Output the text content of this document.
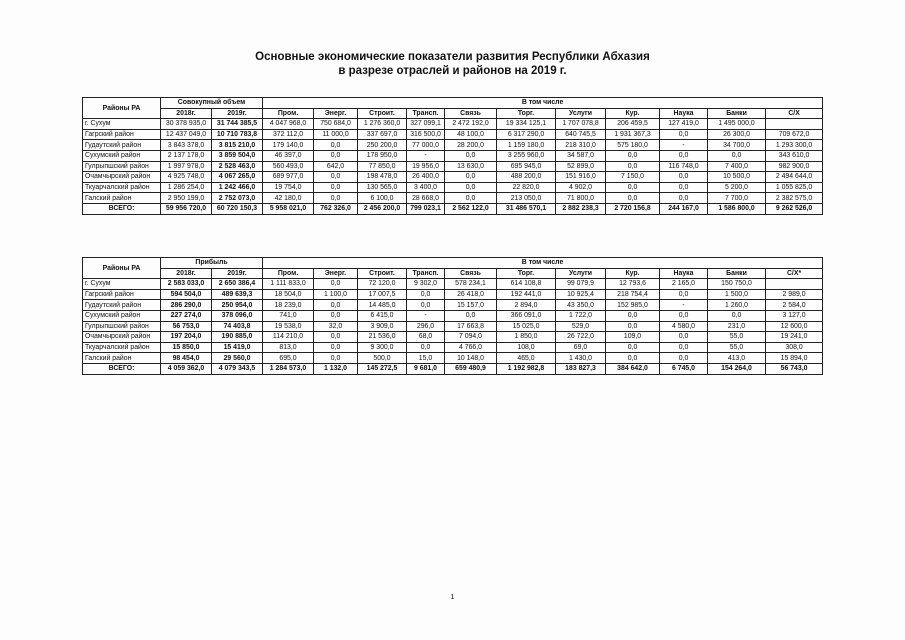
Основные экономические показатели развития Республики Абхазия
в разрезе отраслей и районов на 2019 г.
Районы РА	Совокупный объем		В том числе										
	2018г.	2019г.	Пром.	Энерг.	Строит.	Трансп.	Связь	Торг.	Услуги	Кур.	Наука	Банки	С/Х
г. Сухум	30 378 935,0	31 744 385,5	4 047 968,0	750 684,0	1 276 360,0	327 099,1	2 472 192,0	19 334 125,1	1 707 078,8	206 459,5	127 419,0	1 495 000,0	
Гагрский район	12 437 049,0	10 710 783,8	372 112,0	11 000,0	337 697,0	316 500,0	48 100,0	6 317 290,0	640 745,5	1 931 367,3	0,0	26 300,0	709 672,0
Гудаутский район	3 843 378,0	3 815 210,0	179 140,0	0,0	250 200,0	77 000,0	28 200,0	1 159 180,0	218 310,0	575 180,0	-	34 700,0	1 293 300,0
Сухумский район	2 137 178,0	3 859 504,0	46 397,0	0,0	178 950,0	-	0,0	3 255 960,0	34 587,0	0,0	0,0	0,0	343 610,0
Гулрыпшский район	1 997 978,0	2 528 463,0	560 493,0	642,0	77 850,0	19 956,0	13 630,0	695 945,0	52 899,0	0,0	116 748,0	7 400,0	982 900,0
Очамчырский район	4 925 748,0	4 067 265,0	689 977,0	0,0	198 478,0	26 400,0	0,0	488 200,0	151 916,0	7 150,0	0,0	10 500,0	2 494 644,0
Ткуарчалский район	1 286 254,0	1 242 466,0	19 754,0	0,0	130 565,0	3 400,0	0,0	22 820,0	4 902,0	0,0	0,0	5 200,0	1 055 825,0
Галский район	2 950 199,0	2 752 073,0	42 180,0	0,0	6 100,0	28 668,0	0,0	213 050,0	71 800,0	0,0	0,0	7 700,0	2 382 575,0
ВСЕГО:	59 956 720,0	60 720 150,3	5 958 021,0	762 326,0	2 456 200,0	799 023,1	2 562 122,0	31 486 570,1	2 882 238,3	2 720 156,8	244 167,0	1 586 800,0	9 262 526,0
Районы РА	Прибыль		В том числе										
	2018г.	2019г.	Пром.	Энерг.	Строит.	Трансп.	Связь	Торг.	Услуги	Кур.	Наука	Банки	С/Х*
г. Сухум	2 583 033,0	2 650 386,4	1 111 833,0	0,0	72 120,0	9 302,0	578 234,1	614 108,8	99 079,9	12 793,6	2 165,0	150 750,0	
Гагрский район	594 504,0	489 639,3	18 504,0	1 100,0	17 007,5	0,0	26 418,0	192 441,0	10 925,4	218 754,4	0,0	1 500,0	2 989,0
Гудаутский район	286 290,0	250 954,0	18 239,0	0,0	14 485,0	0,0	15 157,0	2 894,0	43 350,0	152 985,0	-	1 260,0	2 584,0
Сухумский район	227 274,0	378 096,0	741,0	0,0	6 415,0	-	0,0	366 091,0	1 722,0	0,0	0,0	0,0	3 127,0
Гулрыпшский район	56 753,0	74 403,8	19 538,0	32,0	3 909,0	296,0	17 663,8	15 025,0	529,0	0,0	4 580,0	231,0	12 600,0
Очамчырский район	197 204,0	190 885,0	114 210,0	0,0	21 536,0	68,0	7 094,0	1 850,0	26 722,0	109,0	0,0	55,0	19 241,0
Ткуарчалский район	15 850,0	15 419,0	813,0	0,0	9 300,0	0,0	4 766,0	108,0	69,0	0,0	0,0	55,0	308,0
Галский район	98 454,0	29 560,0	695,0	0,0	500,0	15,0	10 148,0	465,0	1 430,0	0,0	0,0	413,0	15 894,0
ВСЕГО:	4 059 362,0	4 079 343,5	1 284 573,0	1 132,0	145 272,5	9 681,0	659 480,9	1 192 982,8	183 827,3	384 642,0	6 745,0	154 264,0	56 743,0
1
